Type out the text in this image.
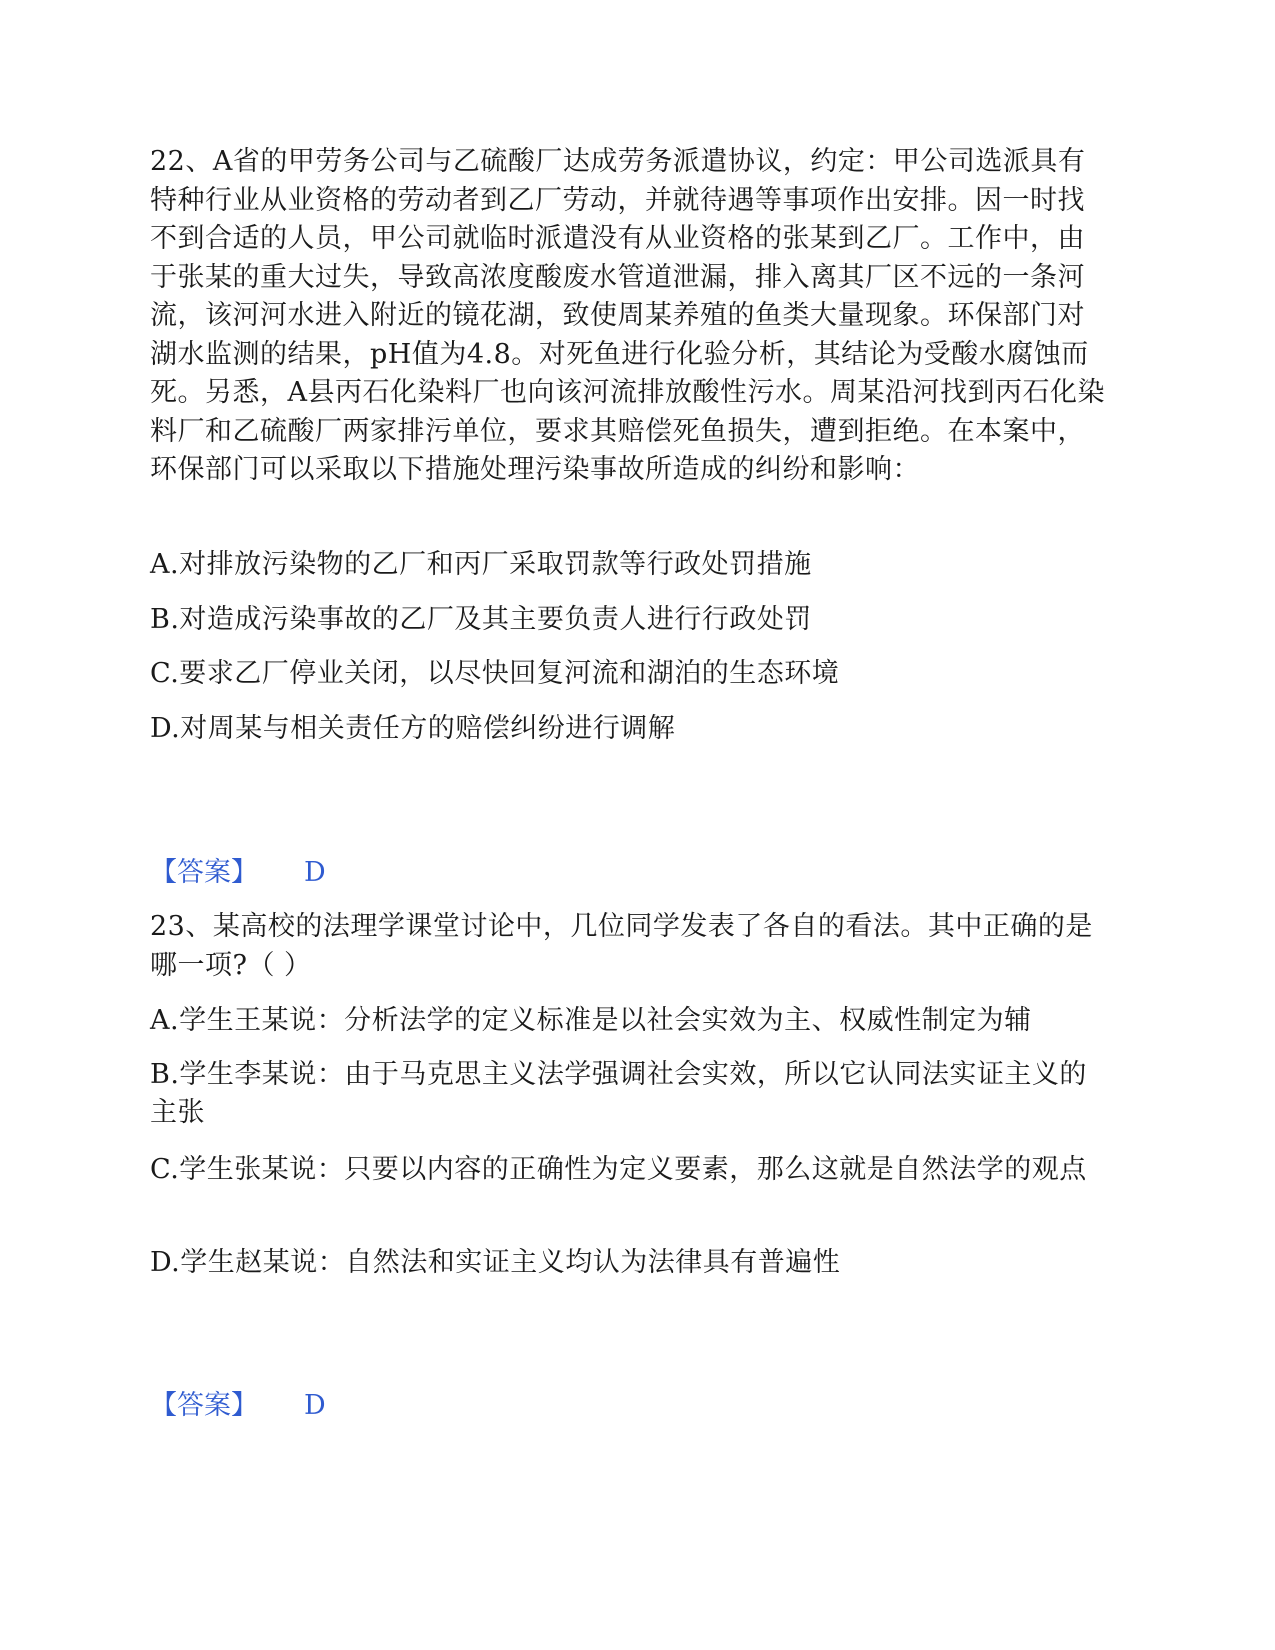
22、A省的甲劳务公司与乙硫酸厂达成劳务派遣协议，约定：甲公司选派具有特种行业从业资格的劳动者到乙厂劳动，并就待遇等事项作出安排。因一时找不到合适的人员，甲公司就临时派遣没有从业资格的张某到乙厂。工作中，由于张某的重大过失，导致高浓度酸废水管道泄漏，排入离其厂区不远的一条河流，该河河水进入附近的镜花湖，致使周某养殖的鱼类大量现象。环保部门对湖水监测的结果，pH值为4.8。对死鱼进行化验分析，其结论为受酸水腐蚀而死。另悉，A县丙石化染料厂也向该河流排放酸性污水。周某沿河找到丙石化染料厂和乙硫酸厂两家排污单位，要求其赔偿死鱼损失，遭到拒绝。在本案中，环保部门可以采取以下措施处理污染事故所造成的纠纷和影响：

A.对排放污染物的乙厂和丙厂采取罚款等行政处罚措施

B.对造成污染事故的乙厂及其主要负责人进行行政处罚

C.要求乙厂停业关闭，以尽快回复河流和湖泊的生态环境

D.对周某与相关责任方的赔偿纠纷进行调解

【答案】 D

23、某高校的法理学课堂讨论中，几位同学发表了各自的看法。其中正确的是哪一项?（ ）

A.学生王某说：分析法学的定义标准是以社会实效为主、权威性制定为辅

B.学生李某说：由于马克思主义法学强调社会实效，所以它认同法实证主义的主张

C.学生张某说：只要以内容的正确性为定义要素，那么这就是自然法学的观点

D.学生赵某说：自然法和实证主义均认为法律具有普遍性

【答案】 D
